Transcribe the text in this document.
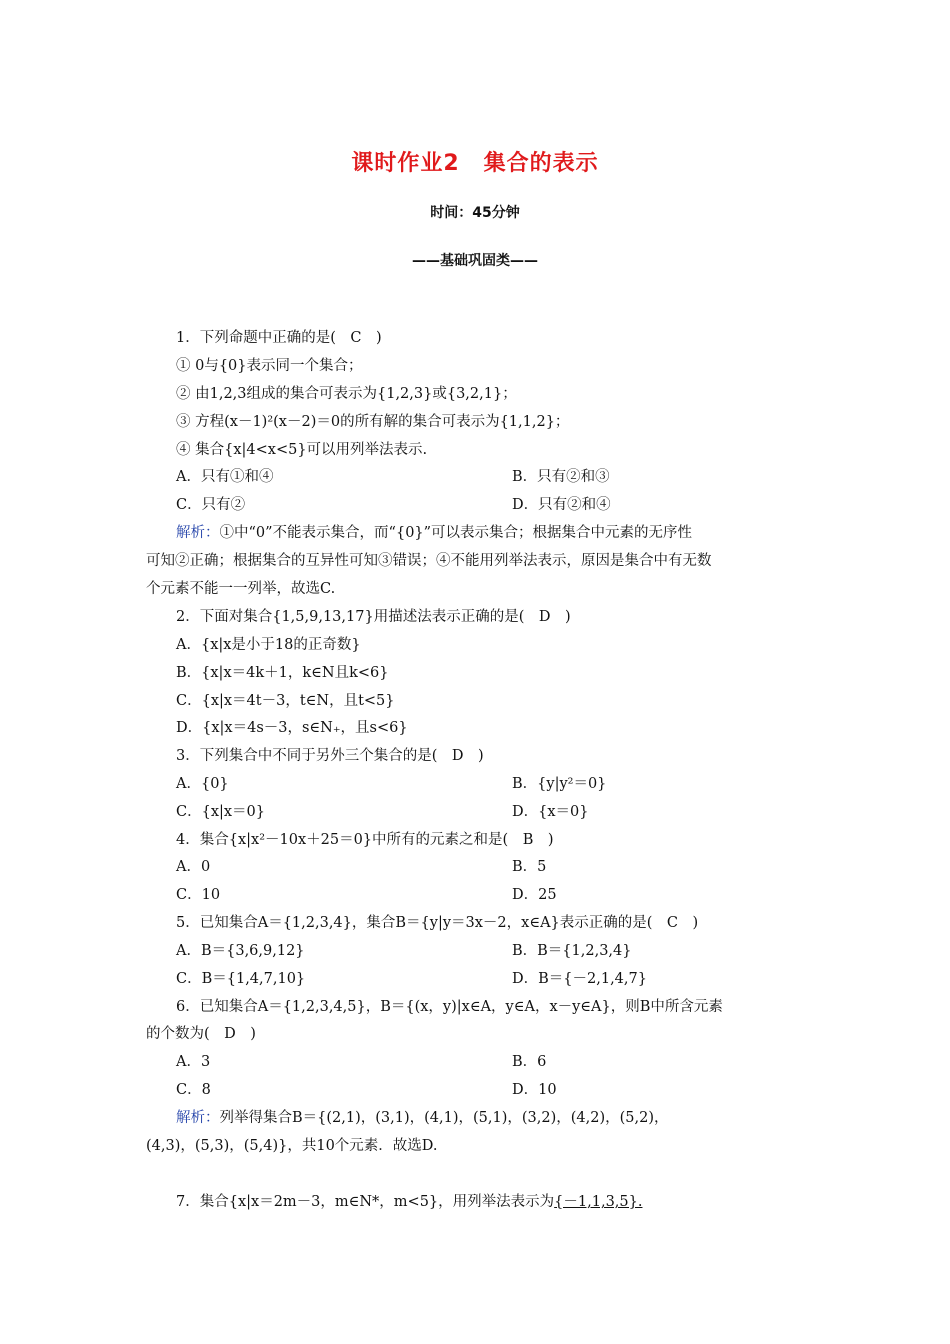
课时作业2 集合的表示
时间：45分钟
——基础巩固类——
1．下列命题中正确的是(　C　)
① 0与{0}表示同一个集合；
② 由1,2,3组成的集合可表示为{1,2,3}或{3,2,1}；
③ 方程(x－1)²(x－2)＝0的所有解的集合可表示为{1,1,2}；
④ 集合{x|4<x<5}可以用列举法表示.
A．只有①和④	B．只有②和③
C．只有②	D．只有②和④
解析：①中“0”不能表示集合，而“{0}”可以表示集合；根据集合中元素的无序性
可知②正确；根据集合的互异性可知③错误；④不能用列举法表示，原因是集合中有无数
个元素不能一一列举，故选C.
2．下面对集合{1,5,9,13,17}用描述法表示正确的是(　D　)
A．{x|x是小于18的正奇数}
B．{x|x＝4k＋1，k∈N且k<6}
C．{x|x＝4t－3，t∈N，且t<5}
D．{x|x＝4s－3，s∈N₊，且s<6}
3．下列集合中不同于另外三个集合的是(　D　)
A．{0}	B．{y|y²＝0}
C．{x|x＝0}	D．{x＝0}
4．集合{x|x²－10x＋25＝0}中所有的元素之和是(　B　)
A．0	B．5
C．10	D．25
5．已知集合A＝{1,2,3,4}，集合B＝{y|y＝3x－2，x∈A}表示正确的是(　C　)
A．B＝{3,6,9,12}	B．B＝{1,2,3,4}
C．B＝{1,4,7,10}	D．B＝{－2,1,4,7}
6．已知集合A＝{1,2,3,4,5}，B＝{(x，y)|x∈A，y∈A，x－y∈A}，则B中所含元素
的个数为(　D　)
A．3	B．6
C．8	D．10
解析：列举得集合B＝{(2,1)，(3,1)，(4,1)，(5,1)，(3,2)，(4,2)，(5,2)，
(4,3)，(5,3)，(5,4)}，共10个元素．故选D.
7．集合{x|x＝2m－3，m∈N*，m<5}，用列举法表示为{－1,1,3,5}.
